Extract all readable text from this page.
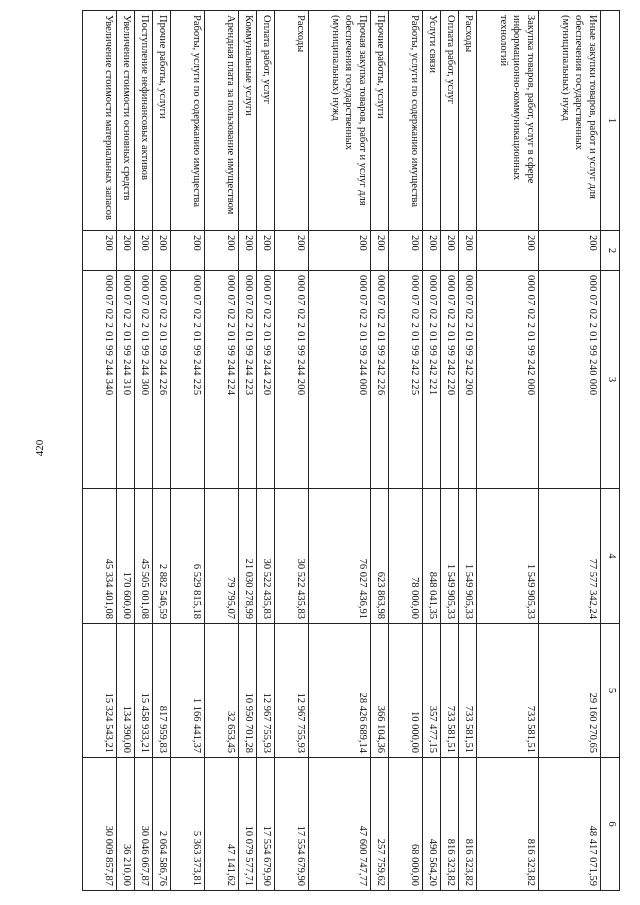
420
1	2	3	4	5	6
Иные закупки товаров, работ и услуг для обеспечения государственных (муниципальных) нужд	200	000 07 02 2 01 99 240 000	77 577 342,24	29 160 270,65	48 417 071,59
Закупка товаров, работ, услуг в сфере информационно-коммуникационных технологий	200	000 07 02 2 01 99 242 000	1 549 905,33	733 581,51	816 323,82
Расходы	200	000 07 02 2 01 99 242 200	1 549 905,33	733 581,51	816 323,82
Оплата работ, услуг	200	000 07 02 2 01 99 242 220	1 549 905,33	733 581,51	816 323,82
Услуги связи	200	000 07 02 2 01 99 242 221	848 041,35	357 477,15	490 564,20
Работы, услуги по содержанию имущества	200	000 07 02 2 01 99 242 225	78 000,00	10 000,00	68 000,00
Прочие работы, услуги	200	000 07 02 2 01 99 242 226	623 863,98	366 104,36	257 759,62
Прочая закупка товаров, работ и услуг для обеспечения государственных (муниципальных) нужд	200	000 07 02 2 01 99 244 000	76 027 436,91	28 426 689,14	47 600 747,77
Расходы	200	000 07 02 2 01 99 244 200	30 522 435,83	12 967 755,93	17 554 679,90
Оплата работ, услуг	200	000 07 02 2 01 99 244 220	30 522 435,83	12 967 755,93	17 554 679,90
Коммунальные услуги	200	000 07 02 2 01 99 244 223	21 030 278,99	10 950 701,28	10 079 577,71
Арендная плата за пользование имуществом	200	000 07 02 2 01 99 244 224	79 795,07	32 653,45	47 141,62
Работы, услуги по содержанию имущества	200	000 07 02 2 01 99 244 225	6 529 815,18	1 166 441,37	5 363 373,81
Прочие работы, услуги	200	000 07 02 2 01 99 244 226	2 882 546,59	817 959,83	2 064 586,76
Поступление нефинансовых активов	200	000 07 02 2 01 99 244 300	45 505 001,08	15 458 933,21	30 046 067,87
Увеличение стоимости основных средств	200	000 07 02 2 01 99 244 310	170 600,00	134 390,00	36 210,00
Увеличение стоимости материальных запасов	200	000 07 02 2 01 99 244 340	45 334 401,08	15 324 543,21	30 009 857,87
